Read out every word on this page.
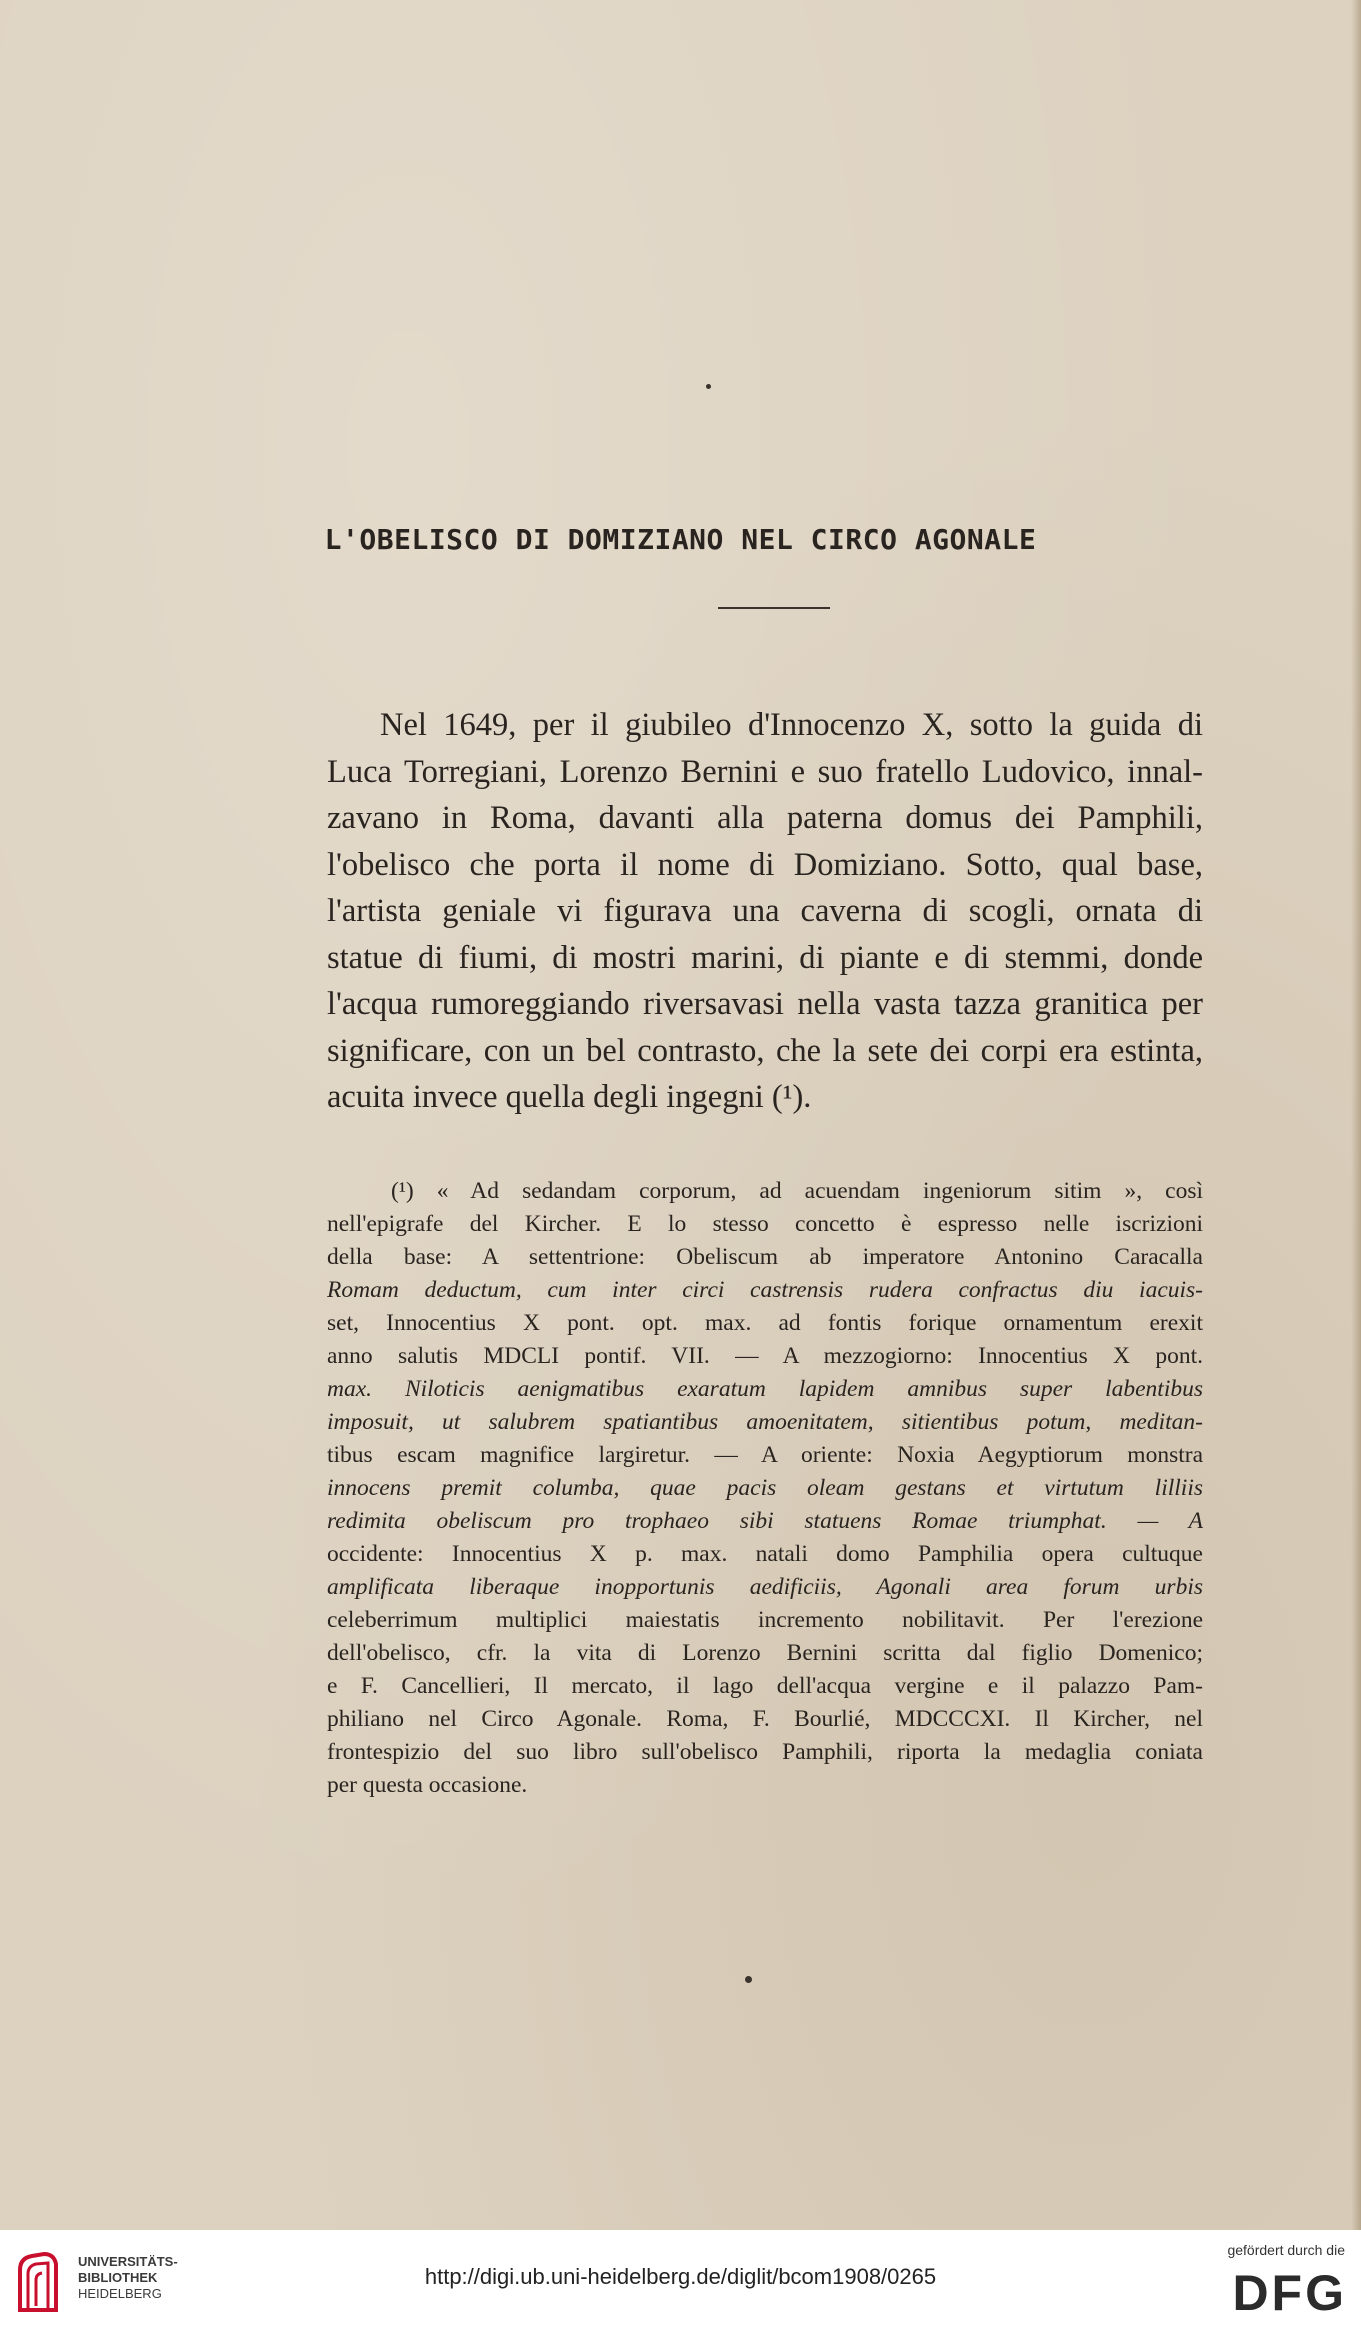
L'OBELISCO DI DOMIZIANO NEL CIRCO AGONALE
Nel 1649, per il giubileo d'Innocenzo X, sotto la guida di
Luca Torregiani, Lorenzo Bernini e suo fratello Ludovico, innal-
zavano in Roma, davanti alla paterna domus dei Pamphili,
l'obelisco che porta il nome di Domiziano. Sotto, qual base,
l'artista geniale vi figurava una caverna di scogli, ornata di
statue di fiumi, di mostri marini, di piante e di stemmi, donde
l'acqua rumoreggiando riversavasi nella vasta tazza granitica per
significare, con un bel contrasto, che la sete dei corpi era estinta,
acuita invece quella degli ingegni (¹).
(¹) « Ad sedandam corporum, ad acuendam ingeniorum sitim », così
nell'epigrafe del Kircher. E lo stesso concetto è espresso nelle iscrizioni
della base: A settentrione: Obeliscum ab imperatore Antonino Caracalla
Romam deductum, cum inter circi castrensis rudera confractus diu iacuis-
set, Innocentius X pont. opt. max. ad fontis forique ornamentum erexit
anno salutis MDCLI pontif. VII. — A mezzogiorno: Innocentius X pont.
max. Niloticis aenigmatibus exaratum lapidem amnibus super labentibus
imposuit, ut salubrem spatiantibus amoenitatem, sitientibus potum, meditan-
tibus escam magnifice largiretur. — A oriente: Noxia Aegyptiorum monstra
innocens premit columba, quae pacis oleam gestans et virtutum lilliis
redimita obeliscum pro trophaeo sibi statuens Romae triumphat. — A
occidente: Innocentius X p. max. natali domo Pamphilia opera cultuque
amplificata liberaque inopportunis aedificiis, Agonali area forum urbis
celeberrimum multiplici maiestatis incremento nobilitavit. Per l'erezione
dell'obelisco, cfr. la vita di Lorenzo Bernini scritta dal figlio Domenico;
e F. Cancellieri, Il mercato, il lago dell'acqua vergine e il palazzo Pam-
philiano nel Circo Agonale. Roma, F. Bourlié, MDCCCXI. Il Kircher, nel
frontespizio del suo libro sull'obelisco Pamphili, riporta la medaglia coniata
per questa occasione.
UNIVERSITÄTS-
BIBLIOTHEK
HEIDELBERG
http://digi.ub.uni-heidelberg.de/diglit/bcom1908/0265
gefördert durch die
DFG
